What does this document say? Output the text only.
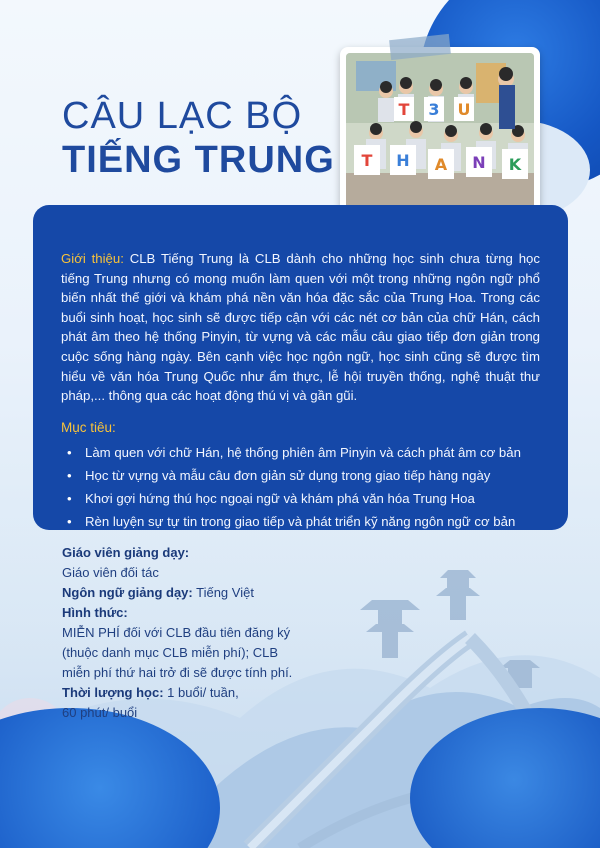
CÂU LẠC BỘ
TIẾNG TRUNG
T 3 U
T H A N K

Giới thiệu: CLB Tiếng Trung là CLB dành cho những học sinh chưa từng học tiếng Trung nhưng có mong muốn làm quen với một trong những ngôn ngữ phổ biến nhất thế giới và khám phá nền văn hóa đặc sắc của Trung Hoa. Trong các buổi sinh hoạt, học sinh sẽ được tiếp cận với các nét cơ bản của chữ Hán, cách phát âm theo hệ thống Pinyin, từ vựng và các mẫu câu giao tiếp đơn giản trong cuộc sống hàng ngày. Bên cạnh việc học ngôn ngữ, học sinh cũng sẽ được tìm hiểu về văn hóa Trung Quốc như ẩm thực, lễ hội truyền thống, nghệ thuật thư pháp,... thông qua các hoạt động thú vị và gần gũi.

Mục tiêu:
• Làm quen với chữ Hán, hệ thống phiên âm Pinyin và cách phát âm cơ bản
• Học từ vựng và mẫu câu đơn giản sử dụng trong giao tiếp hàng ngày
• Khơi gợi hứng thú học ngoại ngữ và khám phá văn hóa Trung Hoa
• Rèn luyện sự tự tin trong giao tiếp và phát triển kỹ năng ngôn ngữ cơ bản
Giáo viên giảng dạy:
Giáo viên đối tác
Ngôn ngữ giảng dạy: Tiếng Việt
Hình thức:
MIỄN PHÍ đối với CLB đầu tiên đăng ký
(thuộc danh mục CLB miễn phí); CLB
miễn phí thứ hai trở đi sẽ được tính phí.
Thời lượng học: 1 buổi/ tuần,
60 phút/ buổi
